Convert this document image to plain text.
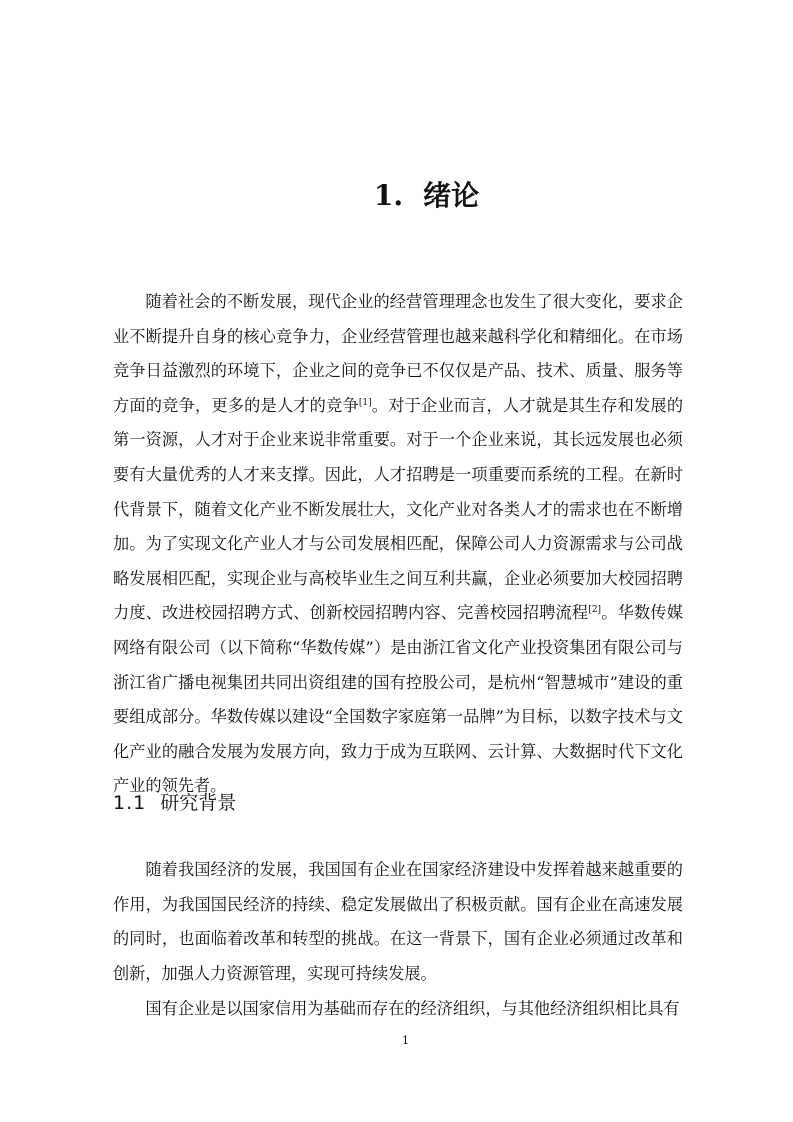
1. 绪论

随着社会的不断发展，现代企业的经营管理理念也发生了很大变化，要求企业不断提升自身的核心竞争力，企业经营管理也越来越科学化和精细化。在市场竞争日益激烈的环境下，企业之间的竞争已不仅仅是产品、技术、质量、服务等方面的竞争，更多的是人才的竞争[1]。对于企业而言，人才就是其生存和发展的第一资源，人才对于企业来说非常重要。对于一个企业来说，其长远发展也必须要有大量优秀的人才来支撑。因此，人才招聘是一项重要而系统的工程。在新时代背景下，随着文化产业不断发展壮大，文化产业对各类人才的需求也在不断增加。为了实现文化产业人才与公司发展相匹配，保障公司人力资源需求与公司战略发展相匹配，实现企业与高校毕业生之间互利共赢，企业必须要加大校园招聘力度、改进校园招聘方式、创新校园招聘内容、完善校园招聘流程[2]。华数传媒网络有限公司（以下简称“华数传媒”）是由浙江省文化产业投资集团有限公司与浙江省广播电视集团共同出资组建的国有控股公司，是杭州“智慧城市”建设的重要组成部分。华数传媒以建设“全国数字家庭第一品牌”为目标，以数字技术与文化产业的融合发展为发展方向，致力于成为互联网、云计算、大数据时代下文化产业的领先者。

1.1 研究背景

随着我国经济的发展，我国国有企业在国家经济建设中发挥着越来越重要的作用，为我国国民经济的持续、稳定发展做出了积极贡献。国有企业在高速发展的同时，也面临着改革和转型的挑战。在这一背景下，国有企业必须通过改革和创新，加强人力资源管理，实现可持续发展。

国有企业是以国家信用为基础而存在的经济组织，与其他经济组织相比具有

1
